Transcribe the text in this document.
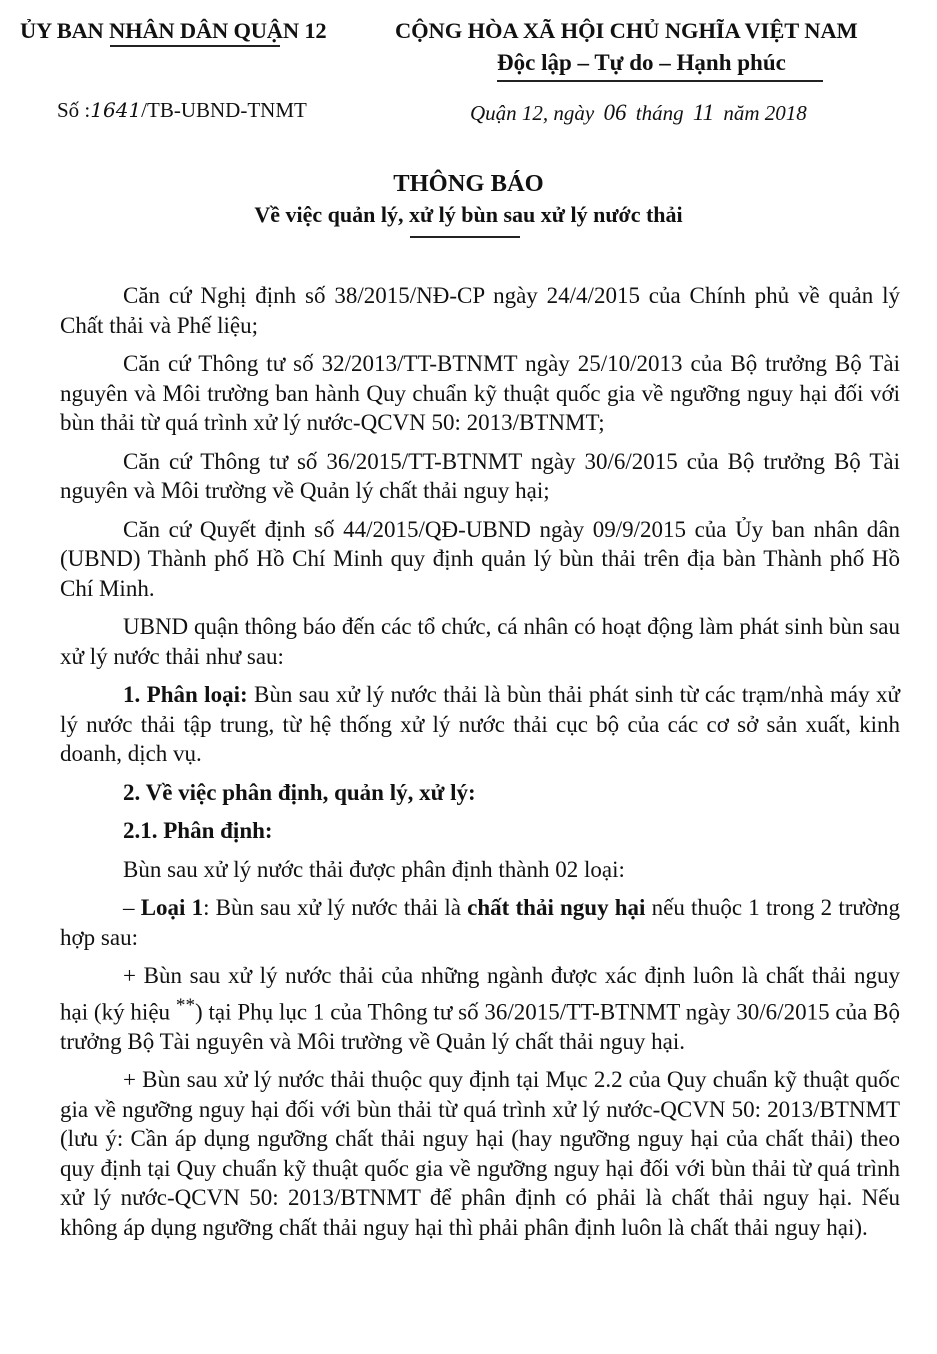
ỦY BAN NHÂN DÂN QUẬN 12	CỘNG HÒA XÃ HỘI CHỦ NGHĨA VIỆT NAM
Độc lập – Tự do – Hạnh phúc
Số :1641/TB-UBND-TNMT	Quận 12, ngày 06 tháng 11 năm 2018
THÔNG BÁO
Về việc quản lý, xử lý bùn sau xử lý nước thải

Căn cứ Nghị định số 38/2015/NĐ-CP ngày 24/4/2015 của Chính phủ về quản lý Chất thải và Phế liệu;

Căn cứ Thông tư số 32/2013/TT-BTNMT ngày 25/10/2013 của Bộ trưởng Bộ Tài nguyên và Môi trường ban hành Quy chuẩn kỹ thuật quốc gia về ngưỡng nguy hại đối với bùn thải từ quá trình xử lý nước-QCVN 50: 2013/BTNMT;

Căn cứ Thông tư số 36/2015/TT-BTNMT ngày 30/6/2015 của Bộ trưởng Bộ Tài nguyên và Môi trường về Quản lý chất thải nguy hại;

Căn cứ Quyết định số 44/2015/QĐ-UBND ngày 09/9/2015 của Ủy ban nhân dân (UBND) Thành phố Hồ Chí Minh quy định quản lý bùn thải trên địa bàn Thành phố Hồ Chí Minh.

UBND quận thông báo đến các tổ chức, cá nhân có hoạt động làm phát sinh bùn sau xử lý nước thải như sau:

1. Phân loại: Bùn sau xử lý nước thải là bùn thải phát sinh từ các trạm/nhà máy xử lý nước thải tập trung, từ hệ thống xử lý nước thải cục bộ của các cơ sở sản xuất, kinh doanh, dịch vụ.

2. Về việc phân định, quản lý, xử lý:

2.1. Phân định:

Bùn sau xử lý nước thải được phân định thành 02 loại:

– Loại 1: Bùn sau xử lý nước thải là chất thải nguy hại nếu thuộc 1 trong 2 trường hợp sau:

+ Bùn sau xử lý nước thải của những ngành được xác định luôn là chất thải nguy hại (ký hiệu **) tại Phụ lục 1 của Thông tư số 36/2015/TT-BTNMT ngày 30/6/2015 của Bộ trưởng Bộ Tài nguyên và Môi trường về Quản lý chất thải nguy hại.

+ Bùn sau xử lý nước thải thuộc quy định tại Mục 2.2 của Quy chuẩn kỹ thuật quốc gia về ngưỡng nguy hại đối với bùn thải từ quá trình xử lý nước-QCVN 50: 2013/BTNMT (lưu ý: Cần áp dụng ngưỡng chất thải nguy hại (hay ngưỡng nguy hại của chất thải) theo quy định tại Quy chuẩn kỹ thuật quốc gia về ngưỡng nguy hại đối với bùn thải từ quá trình xử lý nước-QCVN 50: 2013/BTNMT để phân định có phải là chất thải nguy hại. Nếu không áp dụng ngưỡng chất thải nguy hại thì phải phân định luôn là chất thải nguy hại).
